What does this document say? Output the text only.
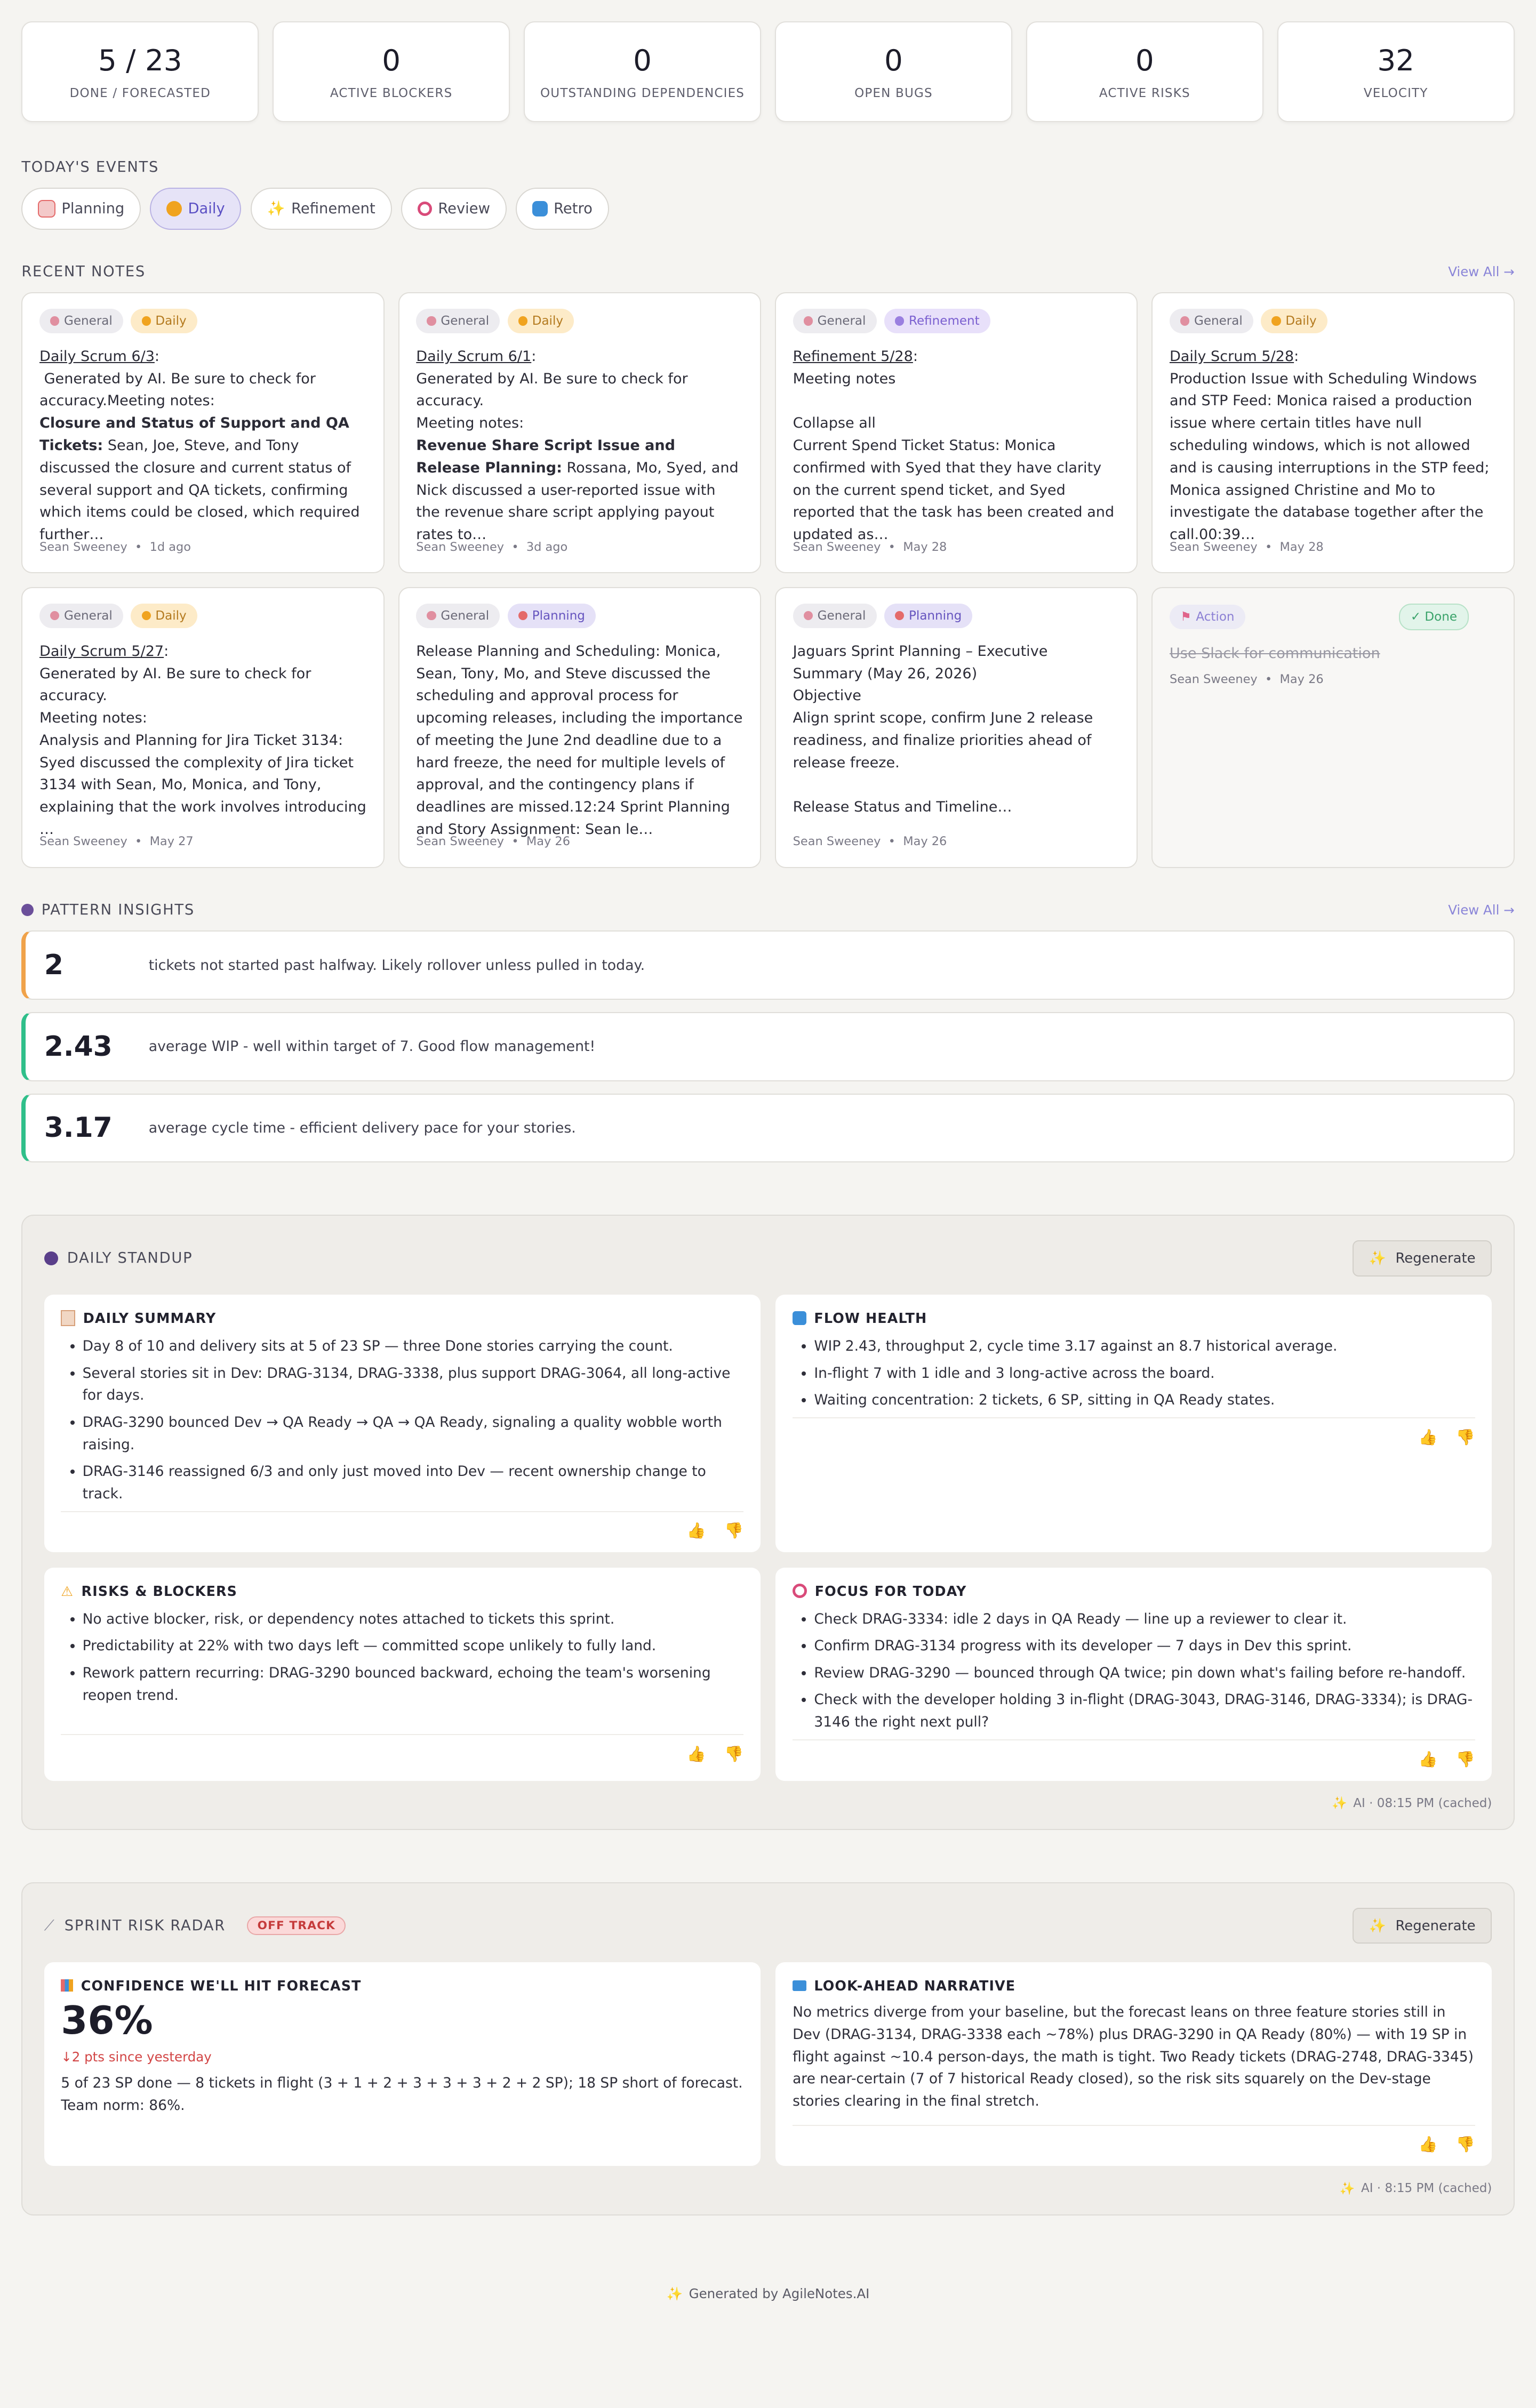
5 / 23
DONE / FORECASTED
0
ACTIVE BLOCKERS
0
OUTSTANDING DEPENDENCIES
0
OPEN BUGS
0
ACTIVE RISKS
32
VELOCITY
TODAY'S EVENTS
Planning	Daily	✨ Refinement	Review	Retro
RECENT NOTES	View All →
General	Daily
Daily Scrum 6/3:
Generated by AI. Be sure to check for accuracy.Meeting notes:
Closure and Status of Support and QA Tickets: Sean, Joe, Steve, and Tony discussed the closure and current status of several support and QA tickets, confirming which items could be closed, which required further…
Sean Sweeney  •  1d ago
General	Daily
Daily Scrum 6/1:
Generated by AI. Be sure to check for accuracy.
Meeting notes:
Revenue Share Script Issue and Release Planning: Rossana, Mo, Syed, and Nick discussed a user-reported issue with the revenue share script applying payout rates to…
Sean Sweeney  •  3d ago
General	Refinement
Refinement 5/28:
Meeting notes

Collapse all
Current Spend Ticket Status: Monica confirmed with Syed that they have clarity on the current spend ticket, and Syed reported that the task has been created and updated as…
Sean Sweeney  •  May 28
General	Daily
Daily Scrum 5/28:
Production Issue with Scheduling Windows and STP Feed: Monica raised a production issue where certain titles have null scheduling windows, which is not allowed and is causing interruptions in the STP feed; Monica assigned Christine and Mo to investigate the database together after the call.00:39…
Sean Sweeney  •  May 28
General	Daily
Daily Scrum 5/27:
Generated by AI. Be sure to check for accuracy.
Meeting notes:
Analysis and Planning for Jira Ticket 3134: Syed discussed the complexity of Jira ticket 3134 with Sean, Mo, Monica, and Tony, explaining that the work involves introducing …
Sean Sweeney  •  May 27
General	Planning
Release Planning and Scheduling: Monica, Sean, Tony, Mo, and Steve discussed the scheduling and approval process for upcoming releases, including the importance of meeting the June 2nd deadline due to a hard freeze, the need for multiple levels of approval, and the contingency plans if deadlines are missed.12:24 Sprint Planning and Story Assignment: Sean le…
Sean Sweeney  •  May 26
General	Planning
Jaguars Sprint Planning – Executive Summary (May 26, 2026)
Objective
Align sprint scope, confirm June 2 release readiness, and finalize priorities ahead of release freeze.

Release Status and Timeline…
Sean Sweeney  •  May 26
⚑ Action	✓ Done
Use Slack for communication
Sean Sweeney  •  May 26
PATTERN INSIGHTS	View All →
2	tickets not started past halfway. Likely rollover unless pulled in today.
2.43	average WIP - well within target of 7. Good flow management!
3.17	average cycle time - efficient delivery pace for your stories.
DAILY STANDUP	✨ Regenerate
DAILY SUMMARY
• Day 8 of 10 and delivery sits at 5 of 23 SP — three Done stories carrying the count.
• Several stories sit in Dev: DRAG-3134, DRAG-3338, plus support DRAG-3064, all long-active for days.
• DRAG-3290 bounced Dev → QA Ready → QA → QA Ready, signaling a quality wobble worth raising.
• DRAG-3146 reassigned 6/3 and only just moved into Dev — recent ownership change to track.
👍	👎
FLOW HEALTH
• WIP 2.43, throughput 2, cycle time 3.17 against an 8.7 historical average.
• In-flight 7 with 1 idle and 3 long-active across the board.
• Waiting concentration: 2 tickets, 6 SP, sitting in QA Ready states.
👍	👎
⚠ RISKS & BLOCKERS
• No active blocker, risk, or dependency notes attached to tickets this sprint.
• Predictability at 22% with two days left — committed scope unlikely to fully land.
• Rework pattern recurring: DRAG-3290 bounced backward, echoing the team's worsening reopen trend.
👍	👎
FOCUS FOR TODAY
• Check DRAG-3334: idle 2 days in QA Ready — line up a reviewer to clear it.
• Confirm DRAG-3134 progress with its developer — 7 days in Dev this sprint.
• Review DRAG-3290 — bounced through QA twice; pin down what's failing before re-handoff.
• Check with the developer holding 3 in-flight (DRAG-3043, DRAG-3146, DRAG-3334); is DRAG-3146 the right next pull?
👍	👎
✨ AI · 08:15 PM (cached)
⟋ SPRINT RISK RADAR	OFF TRACK	✨ Regenerate
CONFIDENCE WE'LL HIT FORECAST
36%
↓2 pts since yesterday
5 of 23 SP done — 8 tickets in flight (3 + 1 + 2 + 3 + 3 + 3 + 2 + 2 SP); 18 SP short of forecast. Team norm: 86%.
LOOK-AHEAD NARRATIVE
No metrics diverge from your baseline, but the forecast leans on three feature stories still in Dev (DRAG-3134, DRAG-3338 each ~78%) plus DRAG-3290 in QA Ready (80%) — with 19 SP in flight against ~10.4 person-days, the math is tight. Two Ready tickets (DRAG-2748, DRAG-3345) are near-certain (7 of 7 historical Ready closed), so the risk sits squarely on the Dev-stage stories clearing in the final stretch.
👍	👎
✨ AI · 8:15 PM (cached)
✨ Generated by AgileNotes.AI
